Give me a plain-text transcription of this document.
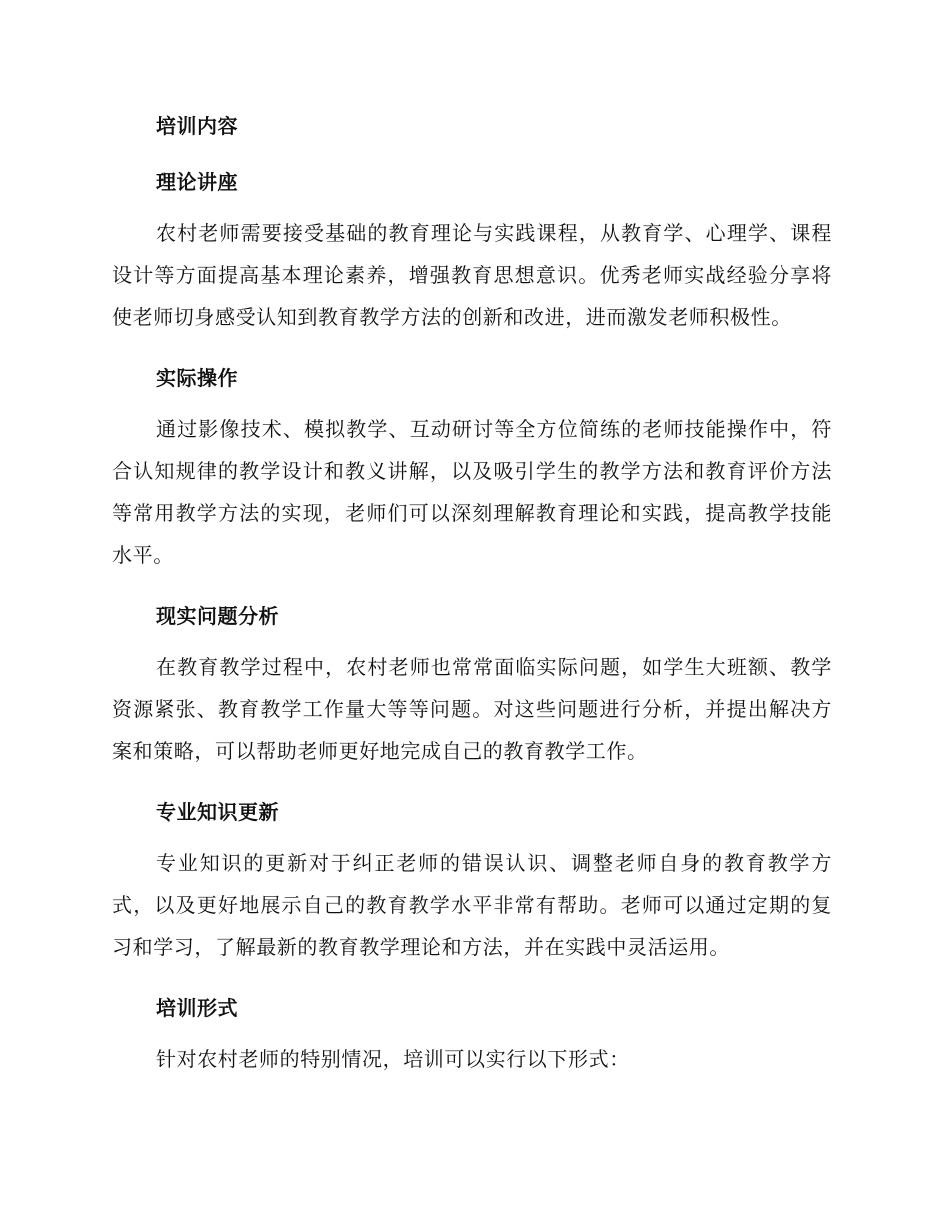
培训内容
理论讲座

农村老师需要接受基础的教育理论与实践课程，从教育学、心理学、课程设计等方面提高基本理论素养，增强教育思想意识。优秀老师实战经验分享将使老师切身感受认知到教育教学方法的创新和改进，进而激发老师积极性。

实际操作

通过影像技术、模拟教学、互动研讨等全方位简练的老师技能操作中，符合认知规律的教学设计和教义讲解，以及吸引学生的教学方法和教育评价方法等常用教学方法的实现，老师们可以深刻理解教育理论和实践，提高教学技能水平。

现实问题分析

在教育教学过程中，农村老师也常常面临实际问题，如学生大班额、教学资源紧张、教育教学工作量大等等问题。对这些问题进行分析，并提出解决方案和策略，可以帮助老师更好地完成自己的教育教学工作。

专业知识更新

专业知识的更新对于纠正老师的错误认识、调整老师自身的教育教学方式，以及更好地展示自己的教育教学水平非常有帮助。老师可以通过定期的复习和学习，了解最新的教育教学理论和方法，并在实践中灵活运用。

培训形式

针对农村老师的特别情况，培训可以实行以下形式：
